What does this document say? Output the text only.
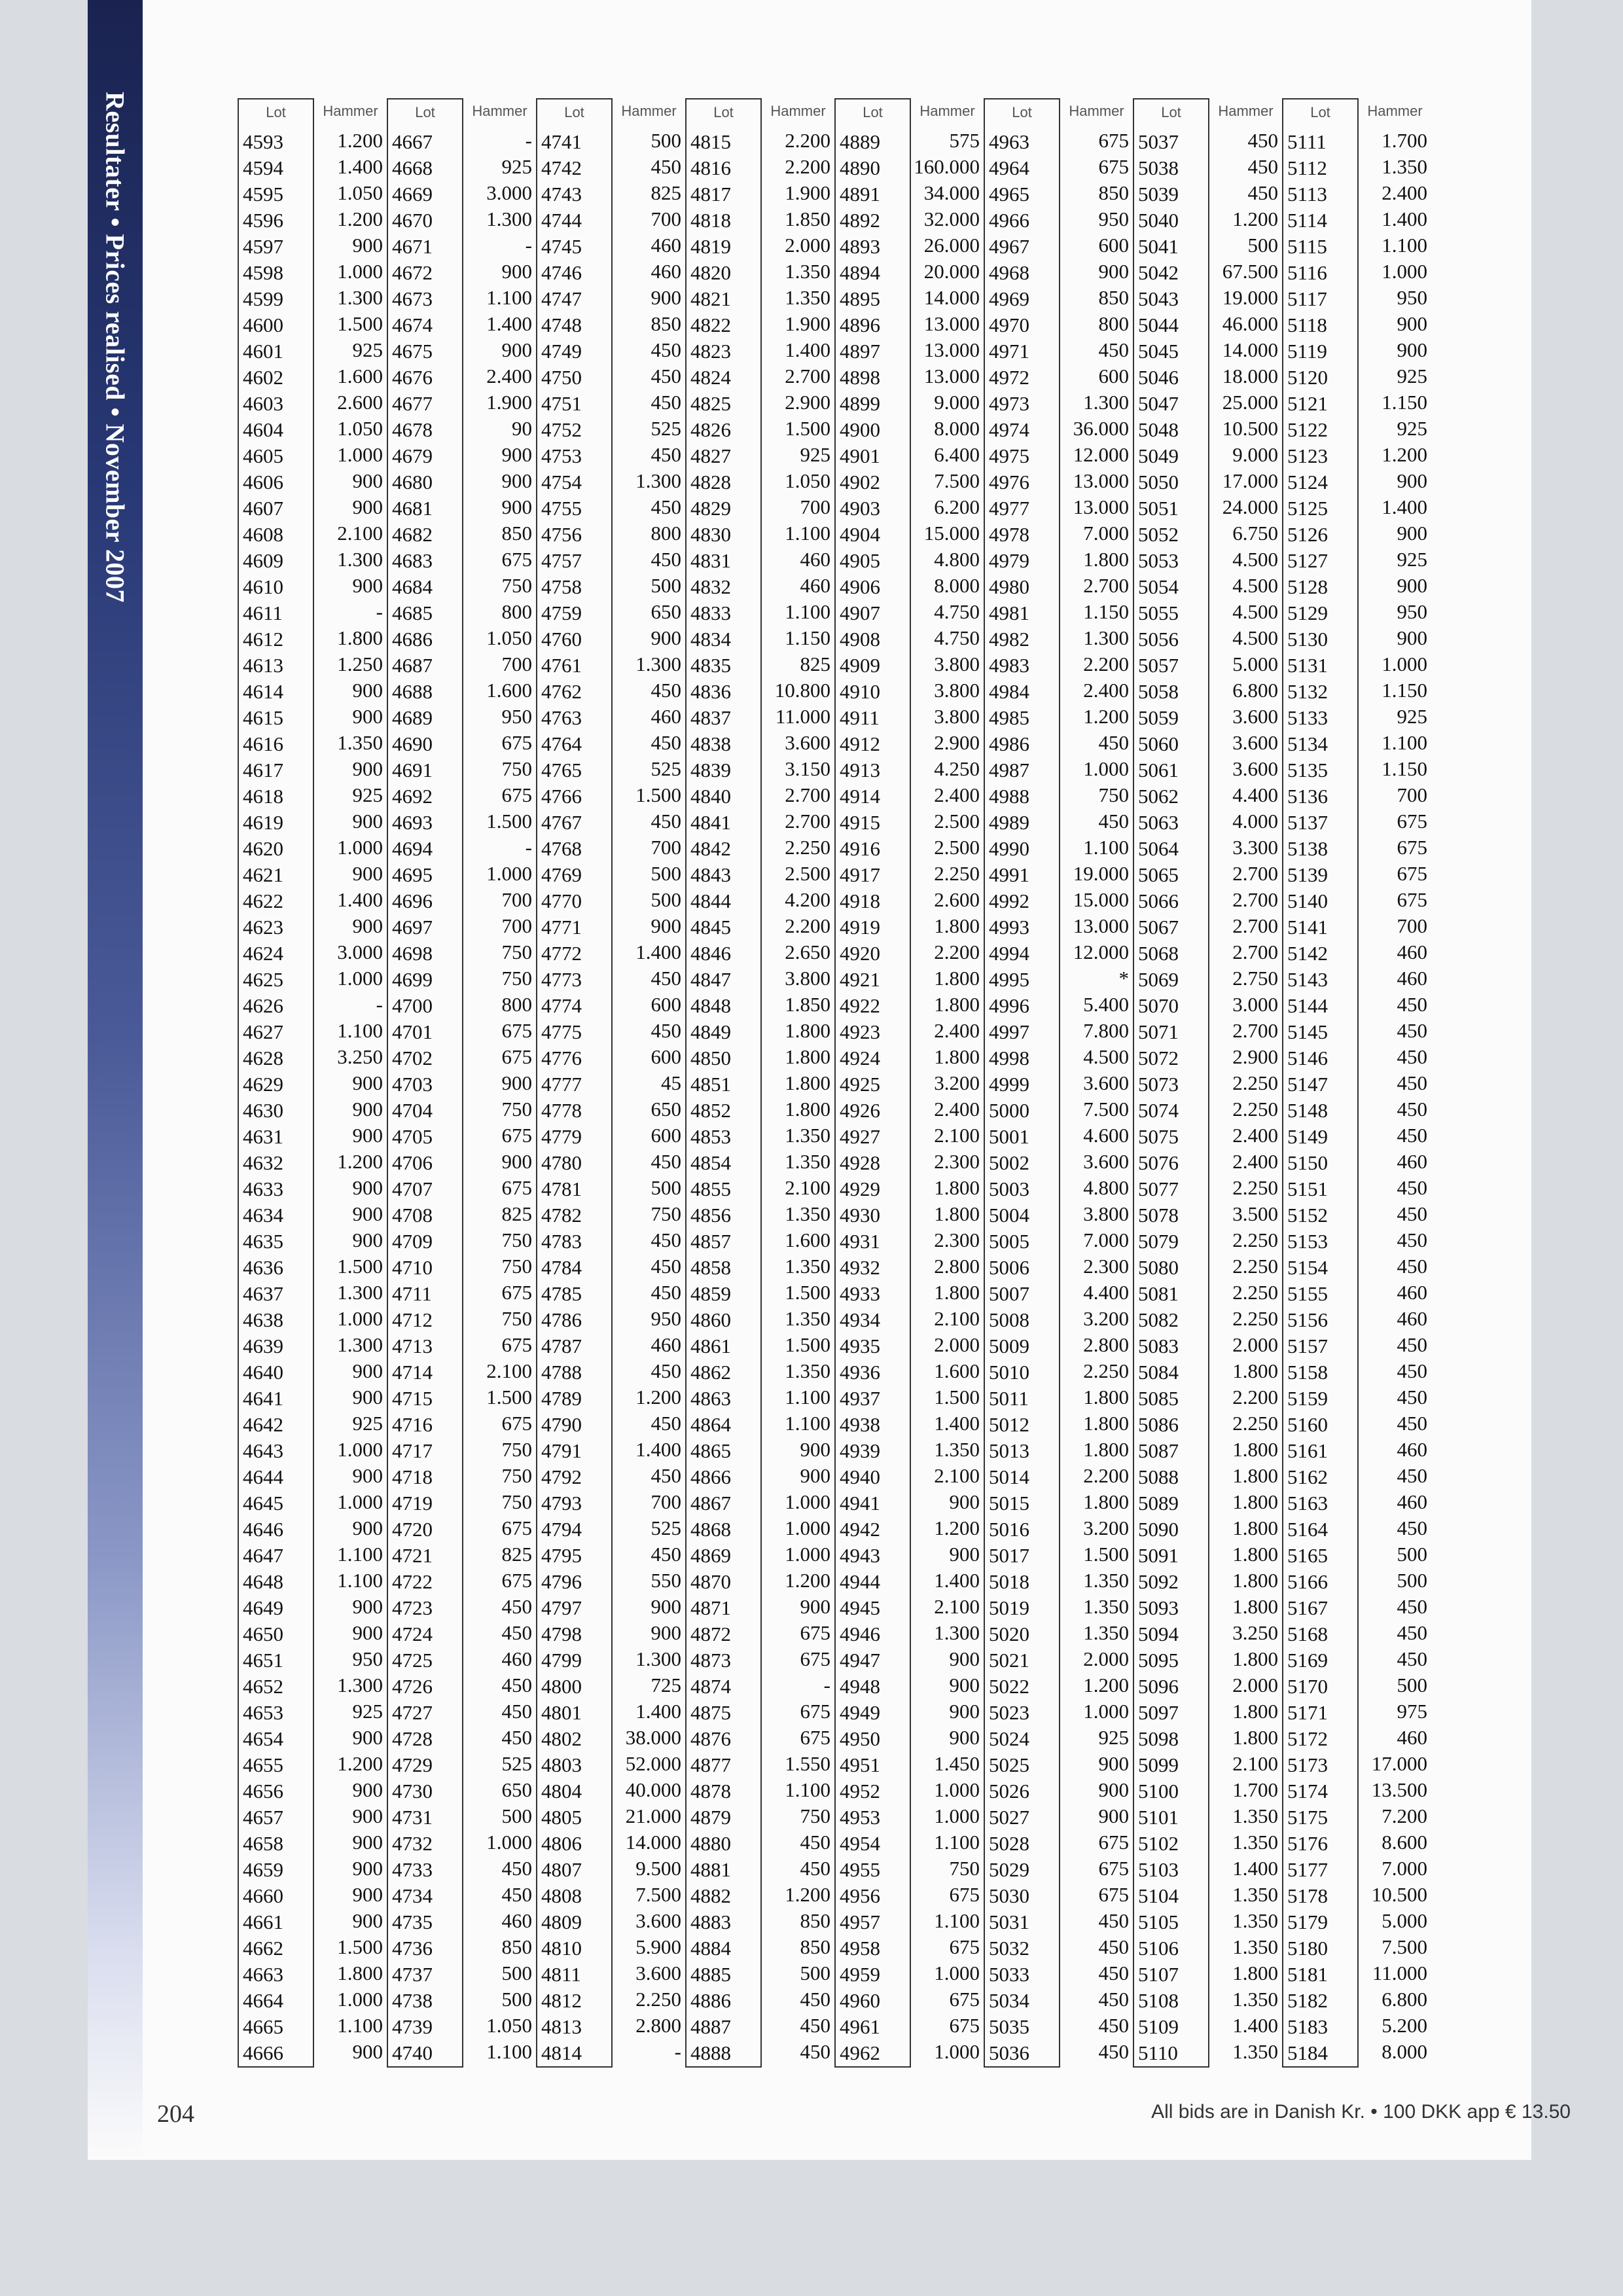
Resultater • Prices realised • November 2007	Lot
4593
4594
4595
4596
4597
4598
4599
4600
4601
4602
4603
4604
4605
4606
4607
4608
4609
4610
4611
4612
4613
4614
4615
4616
4617
4618
4619
4620
4621
4622
4623
4624
4625
4626
4627
4628
4629
4630
4631
4632
4633
4634
4635
4636
4637
4638
4639
4640
4641
4642
4643
4644
4645
4646
4647
4648
4649
4650
4651
4652
4653
4654
4655
4656
4657
4658
4659
4660
4661
4662
4663
4664
4665
4666
Hammer
1.200
1.400
1.050
1.200
900
1.000
1.300
1.500
925
1.600
2.600
1.050
1.000
900
900
2.100
1.300
900
-
1.800
1.250
900
900
1.350
900
925
900
1.000
900
1.400
900
3.000
1.000
-
1.100
3.250
900
900
900
1.200
900
900
900
1.500
1.300
1.000
1.300
900
900
925
1.000
900
1.000
900
1.100
1.100
900
900
950
1.300
925
900
1.200
900
900
900
900
900
900
1.500
1.800
1.000
1.100
900
Lot
4667
4668
4669
4670
4671
4672
4673
4674
4675
4676
4677
4678
4679
4680
4681
4682
4683
4684
4685
4686
4687
4688
4689
4690
4691
4692
4693
4694
4695
4696
4697
4698
4699
4700
4701
4702
4703
4704
4705
4706
4707
4708
4709
4710
4711
4712
4713
4714
4715
4716
4717
4718
4719
4720
4721
4722
4723
4724
4725
4726
4727
4728
4729
4730
4731
4732
4733
4734
4735
4736
4737
4738
4739
4740
Hammer
-
925
3.000
1.300
-
900
1.100
1.400
900
2.400
1.900
90
900
900
900
850
675
750
800
1.050
700
1.600
950
675
750
675
1.500
-
1.000
700
700
750
750
800
675
675
900
750
675
900
675
825
750
750
675
750
675
2.100
1.500
675
750
750
750
675
825
675
450
450
460
450
450
450
525
650
500
1.000
450
450
460
850
500
500
1.050
1.100
Lot
4741
4742
4743
4744
4745
4746
4747
4748
4749
4750
4751
4752
4753
4754
4755
4756
4757
4758
4759
4760
4761
4762
4763
4764
4765
4766
4767
4768
4769
4770
4771
4772
4773
4774
4775
4776
4777
4778
4779
4780
4781
4782
4783
4784
4785
4786
4787
4788
4789
4790
4791
4792
4793
4794
4795
4796
4797
4798
4799
4800
4801
4802
4803
4804
4805
4806
4807
4808
4809
4810
4811
4812
4813
4814
Hammer
500
450
825
700
460
460
900
850
450
450
450
525
450
1.300
450
800
450
500
650
900
1.300
450
460
450
525
1.500
450
700
500
500
900
1.400
450
600
450
600
45
650
600
450
500
750
450
450
450
950
460
450
1.200
450
1.400
450
700
525
450
550
900
900
1.300
725
1.400
38.000
52.000
40.000
21.000
14.000
9.500
7.500
3.600
5.900
3.600
2.250
2.800
-
Lot
4815
4816
4817
4818
4819
4820
4821
4822
4823
4824
4825
4826
4827
4828
4829
4830
4831
4832
4833
4834
4835
4836
4837
4838
4839
4840
4841
4842
4843
4844
4845
4846
4847
4848
4849
4850
4851
4852
4853
4854
4855
4856
4857
4858
4859
4860
4861
4862
4863
4864
4865
4866
4867
4868
4869
4870
4871
4872
4873
4874
4875
4876
4877
4878
4879
4880
4881
4882
4883
4884
4885
4886
4887
4888
Hammer
2.200
2.200
1.900
1.850
2.000
1.350
1.350
1.900
1.400
2.700
2.900
1.500
925
1.050
700
1.100
460
460
1.100
1.150
825
10.800
11.000
3.600
3.150
2.700
2.700
2.250
2.500
4.200
2.200
2.650
3.800
1.850
1.800
1.800
1.800
1.800
1.350
1.350
2.100
1.350
1.600
1.350
1.500
1.350
1.500
1.350
1.100
1.100
900
900
1.000
1.000
1.000
1.200
900
675
675
-
675
675
1.550
1.100
750
450
450
1.200
850
850
500
450
450
450
Lot
4889
4890
4891
4892
4893
4894
4895
4896
4897
4898
4899
4900
4901
4902
4903
4904
4905
4906
4907
4908
4909
4910
4911
4912
4913
4914
4915
4916
4917
4918
4919
4920
4921
4922
4923
4924
4925
4926
4927
4928
4929
4930
4931
4932
4933
4934
4935
4936
4937
4938
4939
4940
4941
4942
4943
4944
4945
4946
4947
4948
4949
4950
4951
4952
4953
4954
4955
4956
4957
4958
4959
4960
4961
4962
Hammer
575
160.000
34.000
32.000
26.000
20.000
14.000
13.000
13.000
13.000
9.000
8.000
6.400
7.500
6.200
15.000
4.800
8.000
4.750
4.750
3.800
3.800
3.800
2.900
4.250
2.400
2.500
2.500
2.250
2.600
1.800
2.200
1.800
1.800
2.400
1.800
3.200
2.400
2.100
2.300
1.800
1.800
2.300
2.800
1.800
2.100
2.000
1.600
1.500
1.400
1.350
2.100
900
1.200
900
1.400
2.100
1.300
900
900
900
900
1.450
1.000
1.000
1.100
750
675
1.100
675
1.000
675
675
1.000
Lot
4963
4964
4965
4966
4967
4968
4969
4970
4971
4972
4973
4974
4975
4976
4977
4978
4979
4980
4981
4982
4983
4984
4985
4986
4987
4988
4989
4990
4991
4992
4993
4994
4995
4996
4997
4998
4999
5000
5001
5002
5003
5004
5005
5006
5007
5008
5009
5010
5011
5012
5013
5014
5015
5016
5017
5018
5019
5020
5021
5022
5023
5024
5025
5026
5027
5028
5029
5030
5031
5032
5033
5034
5035
5036
Hammer
675
675
850
950
600
900
850
800
450
600
1.300
36.000
12.000
13.000
13.000
7.000
1.800
2.700
1.150
1.300
2.200
2.400
1.200
450
1.000
750
450
1.100
19.000
15.000
13.000
12.000
*
5.400
7.800
4.500
3.600
7.500
4.600
3.600
4.800
3.800
7.000
2.300
4.400
3.200
2.800
2.250
1.800
1.800
1.800
2.200
1.800
3.200
1.500
1.350
1.350
1.350
2.000
1.200
1.000
925
900
900
900
675
675
675
450
450
450
450
450
450
Lot
5037
5038
5039
5040
5041
5042
5043
5044
5045
5046
5047
5048
5049
5050
5051
5052
5053
5054
5055
5056
5057
5058
5059
5060
5061
5062
5063
5064
5065
5066
5067
5068
5069
5070
5071
5072
5073
5074
5075
5076
5077
5078
5079
5080
5081
5082
5083
5084
5085
5086
5087
5088
5089
5090
5091
5092
5093
5094
5095
5096
5097
5098
5099
5100
5101
5102
5103
5104
5105
5106
5107
5108
5109
5110
Hammer
450
450
450
1.200
500
67.500
19.000
46.000
14.000
18.000
25.000
10.500
9.000
17.000
24.000
6.750
4.500
4.500
4.500
4.500
5.000
6.800
3.600
3.600
3.600
4.400
4.000
3.300
2.700
2.700
2.700
2.700
2.750
3.000
2.700
2.900
2.250
2.250
2.400
2.400
2.250
3.500
2.250
2.250
2.250
2.250
2.000
1.800
2.200
2.250
1.800
1.800
1.800
1.800
1.800
1.800
1.800
3.250
1.800
2.000
1.800
1.800
2.100
1.700
1.350
1.350
1.400
1.350
1.350
1.350
1.800
1.350
1.400
1.350
Lot
5111
5112
5113
5114
5115
5116
5117
5118
5119
5120
5121
5122
5123
5124
5125
5126
5127
5128
5129
5130
5131
5132
5133
5134
5135
5136
5137
5138
5139
5140
5141
5142
5143
5144
5145
5146
5147
5148
5149
5150
5151
5152
5153
5154
5155
5156
5157
5158
5159
5160
5161
5162
5163
5164
5165
5166
5167
5168
5169
5170
5171
5172
5173
5174
5175
5176
5177
5178
5179
5180
5181
5182
5183
5184
Hammer
1.700
1.350
2.400
1.400
1.100
1.000
950
900
900
925
1.150
925
1.200
900
1.400
900
925
900
950
900
1.000
1.150
925
1.100
1.150
700
675
675
675
675
700
460
460
450
450
450
450
450
450
460
450
450
450
450
460
460
450
450
450
450
460
450
460
450
500
500
450
450
450
500
975
460
17.000
13.500
7.200
8.600
7.000
10.500
5.000
7.500
11.000
6.800
5.200
8.000
204	All bids are in Danish Kr. • 100 DKK app € 13.50
